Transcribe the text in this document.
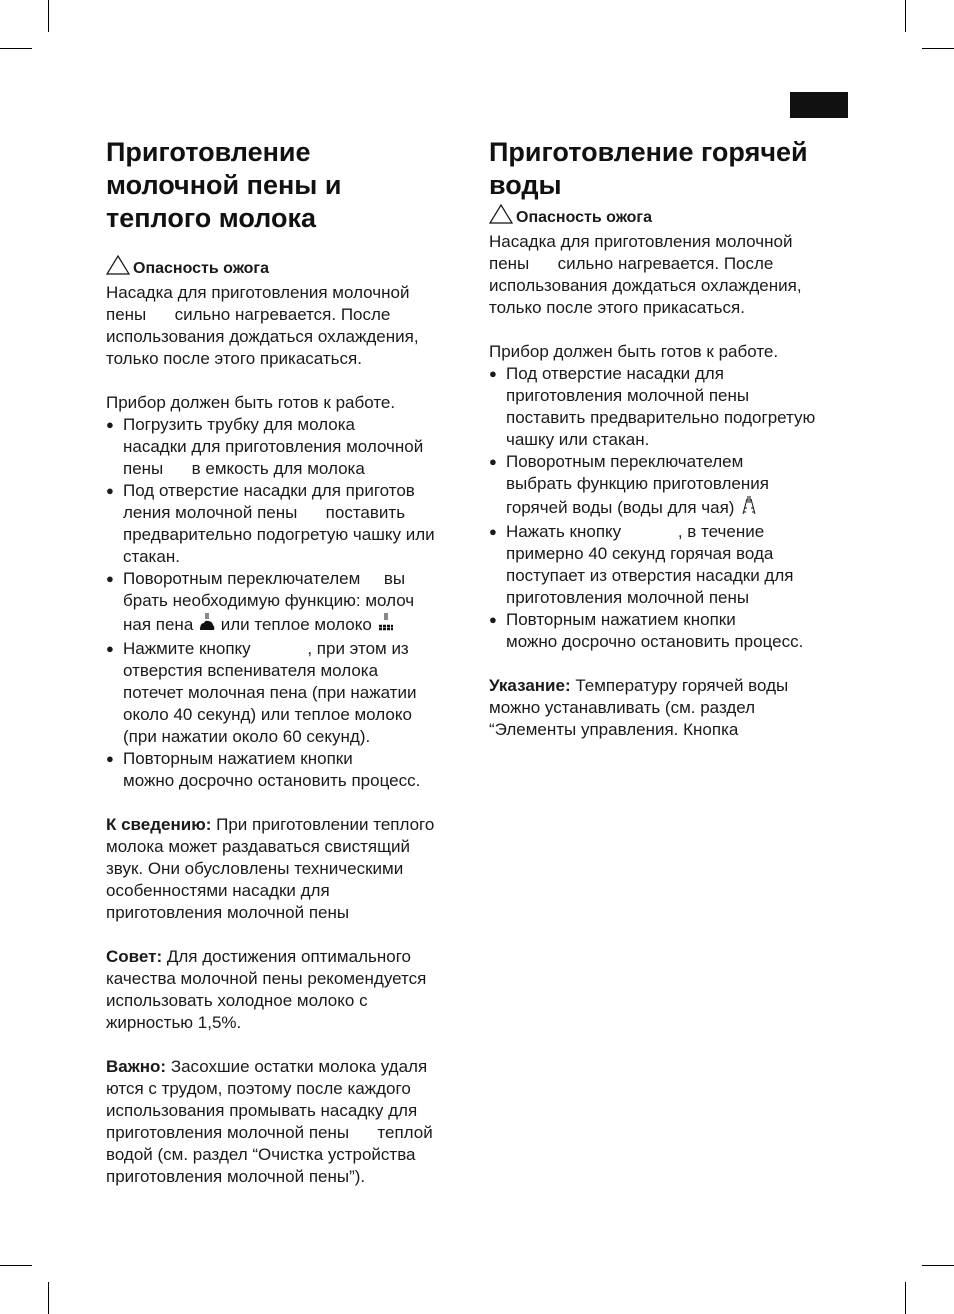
Приготовление молочной пены и теплого молока
Опасность ожога

Насадка для приготовления молочной

пены      сильно нагревается. После

использования дождаться охлаждения,

только после этого прикасаться.

Прибор должен быть готов к работе.

● Погрузить трубку для молока
насадки для приготовления молочной
пены      в емкость для молока
● Под отверстие насадки для приготов
ления молочной пены      поставить
предварительно подогретую чашку или
стакан.
● Поворотным переключателем     вы
брать необходимую функцию: молоч
ная пена или теплое молоко
● Нажмите кнопку            , при этом из
отверстия вспенивателя молока
потечет молочная пена (при нажатии
около 40 секунд) или теплое молоко
(при нажатии около 60 секунд).
● Повторным нажатием кнопки
можно досрочно остановить процесс.

К сведению: При приготовлении теплого

молока может раздаваться свистящий

звук. Они обусловлены техническими

особенностями насадки для

приготовления молочной пены

Совет: Для достижения оптимального

качества молочной пены рекомендуется

использовать холодное молоко с

жирностью 1,5%.

Важно: Засохшие остатки молока удаля

ются с трудом, поэтому после каждого

использования промывать насадку для

приготовления молочной пены      теплой

водой (см. раздел “Очистка устройства

приготовления молочной пены”).

Приготовление горячей воды
Опасность ожога

Насадка для приготовления молочной

пены      сильно нагревается. После

использования дождаться охлаждения,

только после этого прикасаться.

Прибор должен быть готов к работе.

● Под отверстие насадки для
приготовления молочной пены
поставить предварительно подогретую
чашку или стакан.
● Поворотным переключателем
выбрать функцию приготовления
горячей воды (воды для чая)
● Нажать кнопку            , в течение
примерно 40 секунд горячая вода
поступает из отверстия насадки для
приготовления молочной пены
● Повторным нажатием кнопки
можно досрочно остановить процесс.

Указание: Температуру горячей воды

можно устанавливать (см. раздел

“Элементы управления. Кнопка
